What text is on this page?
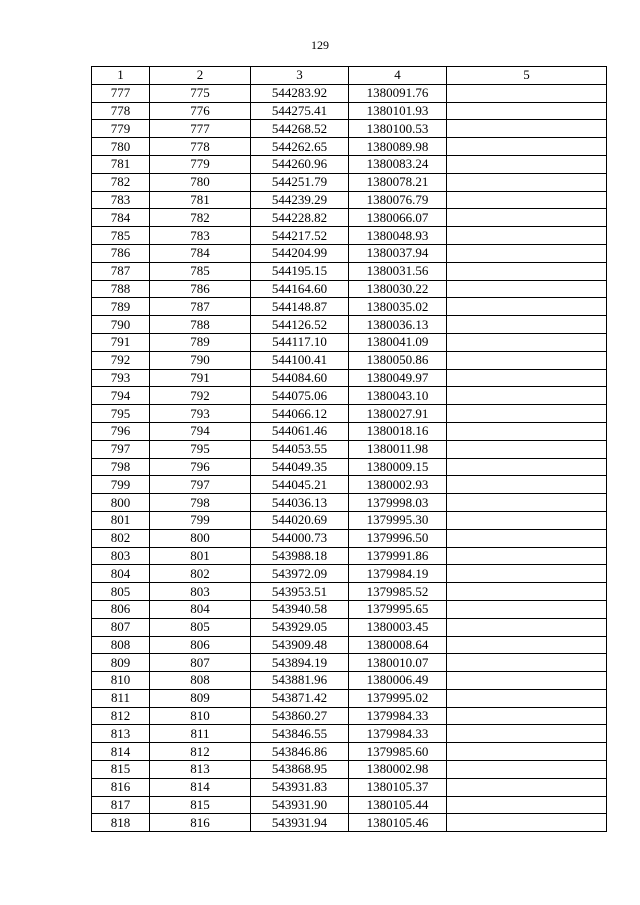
129
1	2	3	4	5
777	775	544283.92	1380091.76	
778	776	544275.41	1380101.93	
779	777	544268.52	1380100.53	
780	778	544262.65	1380089.98	
781	779	544260.96	1380083.24	
782	780	544251.79	1380078.21	
783	781	544239.29	1380076.79	
784	782	544228.82	1380066.07	
785	783	544217.52	1380048.93	
786	784	544204.99	1380037.94	
787	785	544195.15	1380031.56	
788	786	544164.60	1380030.22	
789	787	544148.87	1380035.02	
790	788	544126.52	1380036.13	
791	789	544117.10	1380041.09	
792	790	544100.41	1380050.86	
793	791	544084.60	1380049.97	
794	792	544075.06	1380043.10	
795	793	544066.12	1380027.91	
796	794	544061.46	1380018.16	
797	795	544053.55	1380011.98	
798	796	544049.35	1380009.15	
799	797	544045.21	1380002.93	
800	798	544036.13	1379998.03	
801	799	544020.69	1379995.30	
802	800	544000.73	1379996.50	
803	801	543988.18	1379991.86	
804	802	543972.09	1379984.19	
805	803	543953.51	1379985.52	
806	804	543940.58	1379995.65	
807	805	543929.05	1380003.45	
808	806	543909.48	1380008.64	
809	807	543894.19	1380010.07	
810	808	543881.96	1380006.49	
811	809	543871.42	1379995.02	
812	810	543860.27	1379984.33	
813	811	543846.55	1379984.33	
814	812	543846.86	1379985.60	
815	813	543868.95	1380002.98	
816	814	543931.83	1380105.37	
817	815	543931.90	1380105.44	
818	816	543931.94	1380105.46	
